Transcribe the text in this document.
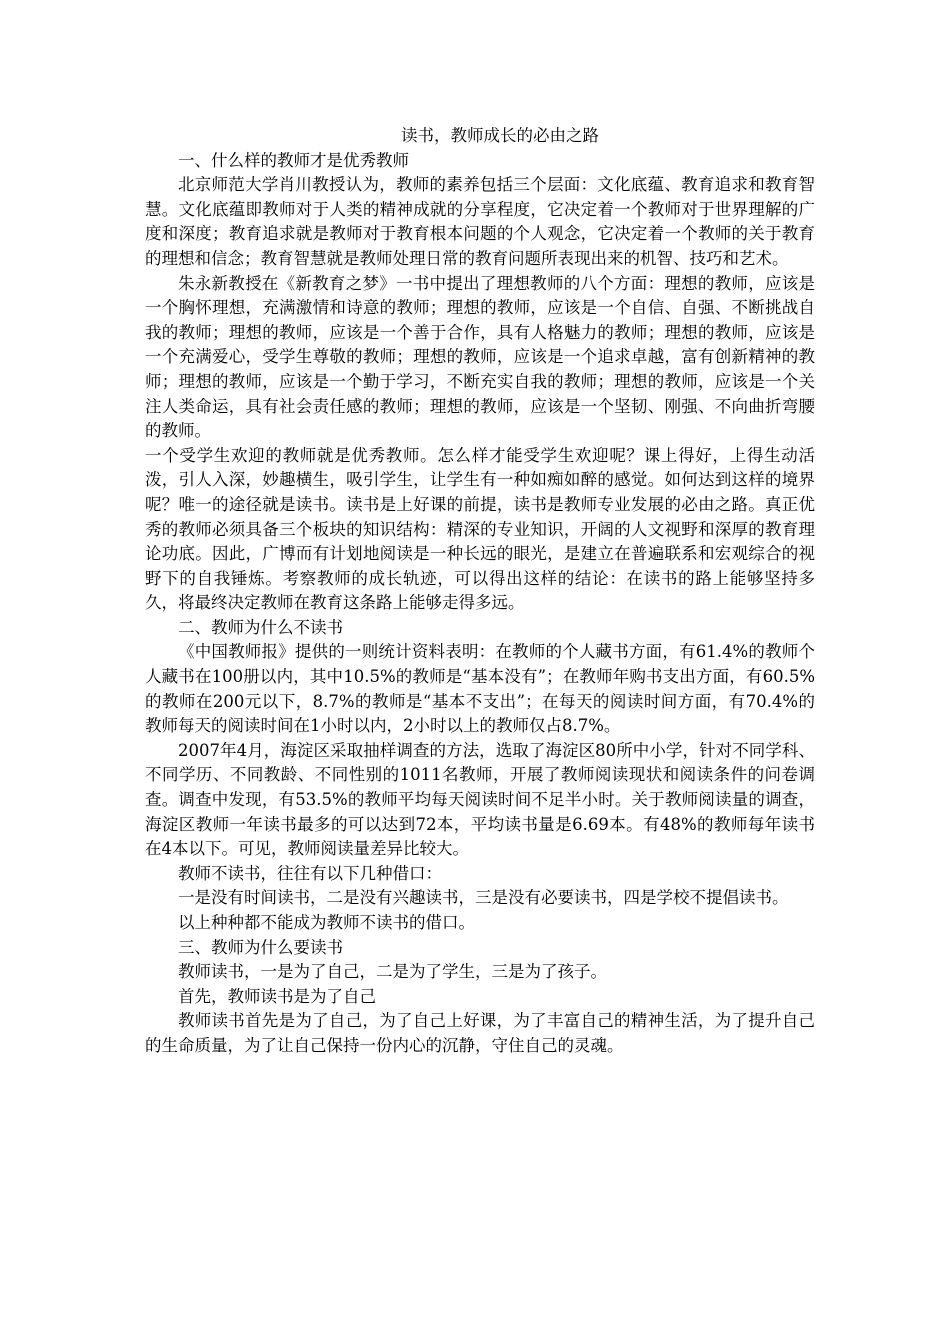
读书，教师成长的必由之路

一、什么样的教师才是优秀教师

北京师范大学肖川教授认为，教师的素养包括三个层面：文化底蕴、教育追求和教育智慧。文化底蕴即教师对于人类的精神成就的分享程度，它决定着一个教师对于世界理解的广度和深度；教育追求就是教师对于教育根本问题的个人观念，它决定着一个教师的关于教育的理想和信念；教育智慧就是教师处理日常的教育问题所表现出来的机智、技巧和艺术。

朱永新教授在《新教育之梦》一书中提出了理想教师的八个方面：理想的教师，应该是一个胸怀理想，充满激情和诗意的教师；理想的教师，应该是一个自信、自强、不断挑战自我的教师；理想的教师，应该是一个善于合作，具有人格魅力的教师；理想的教师，应该是一个充满爱心，受学生尊敬的教师；理想的教师，应该是一个追求卓越，富有创新精神的教师；理想的教师，应该是一个勤于学习，不断充实自我的教师；理想的教师，应该是一个关注人类命运，具有社会责任感的教师；理想的教师，应该是一个坚韧、刚强、不向曲折弯腰的教师。

一个受学生欢迎的教师就是优秀教师。怎么样才能受学生欢迎呢？课上得好，上得生动活泼，引人入深，妙趣横生，吸引学生，让学生有一种如痴如醉的感觉。如何达到这样的境界呢？唯一的途径就是读书。读书是上好课的前提，读书是教师专业发展的必由之路。真正优秀的教师必须具备三个板块的知识结构：精深的专业知识，开阔的人文视野和深厚的教育理论功底。因此，广博而有计划地阅读是一种长远的眼光，是建立在普遍联系和宏观综合的视野下的自我锤炼。考察教师的成长轨迹，可以得出这样的结论：在读书的路上能够坚持多久，将最终决定教师在教育这条路上能够走得多远。

二、教师为什么不读书

《中国教师报》提供的一则统计资料表明：在教师的个人藏书方面，有61.4%的教师个人藏书在100册以内，其中10.5%的教师是“基本没有”；在教师年购书支出方面，有60.5%的教师在200元以下，8.7%的教师是“基本不支出”；在每天的阅读时间方面，有70.4%的教师每天的阅读时间在1小时以内，2小时以上的教师仅占8.7%。

2007年4月，海淀区采取抽样调查的方法，选取了海淀区80所中小学，针对不同学科、不同学历、不同教龄、不同性别的1011名教师，开展了教师阅读现状和阅读条件的问卷调查。调查中发现，有53.5%的教师平均每天阅读时间不足半小时。关于教师阅读量的调查，海淀区教师一年读书最多的可以达到72本，平均读书量是6.69本。有48%的教师每年读书在4本以下。可见，教师阅读量差异比较大。

教师不读书，往往有以下几种借口：

一是没有时间读书，二是没有兴趣读书，三是没有必要读书，四是学校不提倡读书。

以上种种都不能成为教师不读书的借口。

三、教师为什么要读书

教师读书，一是为了自己，二是为了学生，三是为了孩子。

首先，教师读书是为了自己

教师读书首先是为了自己，为了自己上好课，为了丰富自己的精神生活，为了提升自己的生命质量，为了让自己保持一份内心的沉静，守住自己的灵魂。
